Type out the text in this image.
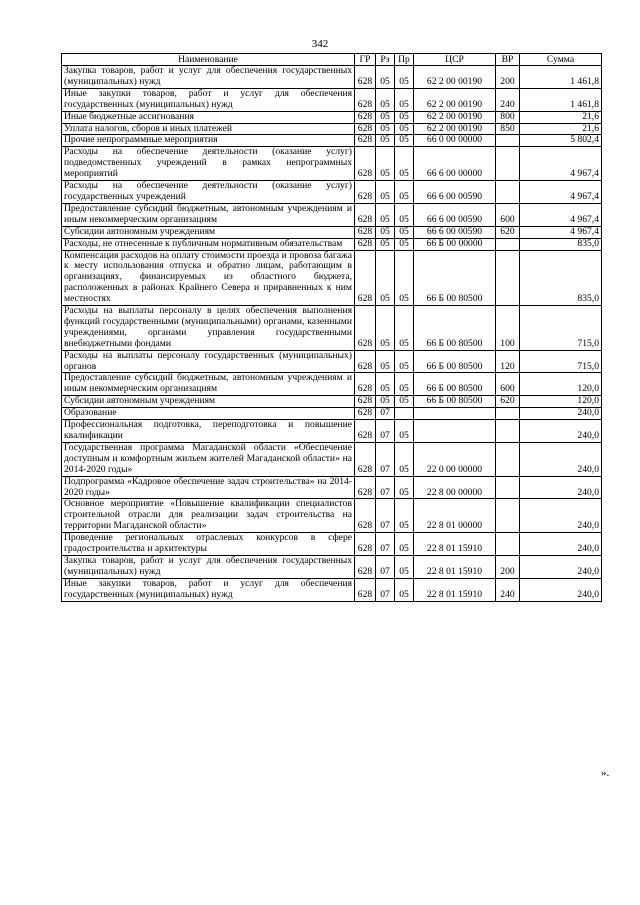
342
Наименование	ГР	Рз	Пр	ЦСР	ВР	Сумма
Закупка товаров, работ и услуг для обеспечения государственных (муниципальных) нужд	628	05	05	62 2 00 00190	200	1 461,8
Иные закупки товаров, работ и услуг для обеспечения государственных (муниципальных) нужд	628	05	05	62 2 00 00190	240	1 461,8
Иные бюджетные ассигнования	628	05	05	62 2 00 00190	800	21,6
Уплата налогов, сборов и иных платежей	628	05	05	62 2 00 00190	850	21,6
Прочие непрограммные мероприятия	628	05	05	66 0 00 00000		5 802,4
Расходы на обеспечение деятельности (оказание услуг) подведомственных учреждений в рамках непрограммных мероприятий	628	05	05	66 6 00 00000		4 967,4
Расходы на обеспечение деятельности (оказание услуг) государственных учреждений	628	05	05	66 6 00 00590		4 967,4
Предоставление субсидий бюджетным, автономным учреждениям и иным некоммерческим организациям	628	05	05	66 6 00 00590	600	4 967,4
Субсидии автономным учреждениям	628	05	05	66 6 00 00590	620	4 967,4
Расходы, не отнесенные к публичным нормативным обязательствам	628	05	05	66 Б 00 00000		835,0
Компенсация расходов на оплату стоимости проезда и провоза багажа к месту использования отпуска и обратно лицам, работающим в организациях, финансируемых из областного бюджета, расположенных в районах Крайнего Севера и приравненных к ним местностях	628	05	05	66 Б 00 80500		835,0
Расходы на выплаты персоналу в целях обеспечения выполнения функций государственными (муниципальными) органами, казенными учреждениями, органами управления государственными внебюджетными фондами	628	05	05	66 Б 00 80500	100	715,0
Расходы на выплаты персоналу государственных (муниципальных) органов	628	05	05	66 Б 00 80500	120	715,0
Предоставление субсидий бюджетным, автономным учреждениям и иным некоммерческим организациям	628	05	05	66 Б 00 80500	600	120,0
Субсидии автономным учреждениям	628	05	05	66 Б 00 80500	620	120,0
Образование	628	07				240,0
Профессиональная подготовка, переподготовка и повышение квалификации	628	07	05			240,0
Государственная программа Магаданской области «Обеспечение доступным и комфортным жильем жителей Магаданской области» на 2014-2020 годы»	628	07	05	22 0 00 00000		240,0
Подпрограмма «Кадровое обеспечение задач строительства» на 2014-2020 годы»	628	07	05	22 8 00 00000		240,0
Основное мероприятие «Повышение квалификации специалистов строительной отрасли для реализации задач строительства на территории Магаданской области»	628	07	05	22 8 01 00000		240,0
Проведение региональных отраслевых конкурсов в сфере градостроительства и архитектуры	628	07	05	22 8 01 15910		240,0
Закупка товаров, работ и услуг для обеспечения государственных (муниципальных) нужд	628	07	05	22 8 01 15910	200	240,0
Иные закупки товаров, работ и услуг для обеспечения государственных (муниципальных) нужд	628	07	05	22 8 01 15910	240	240,0
».
